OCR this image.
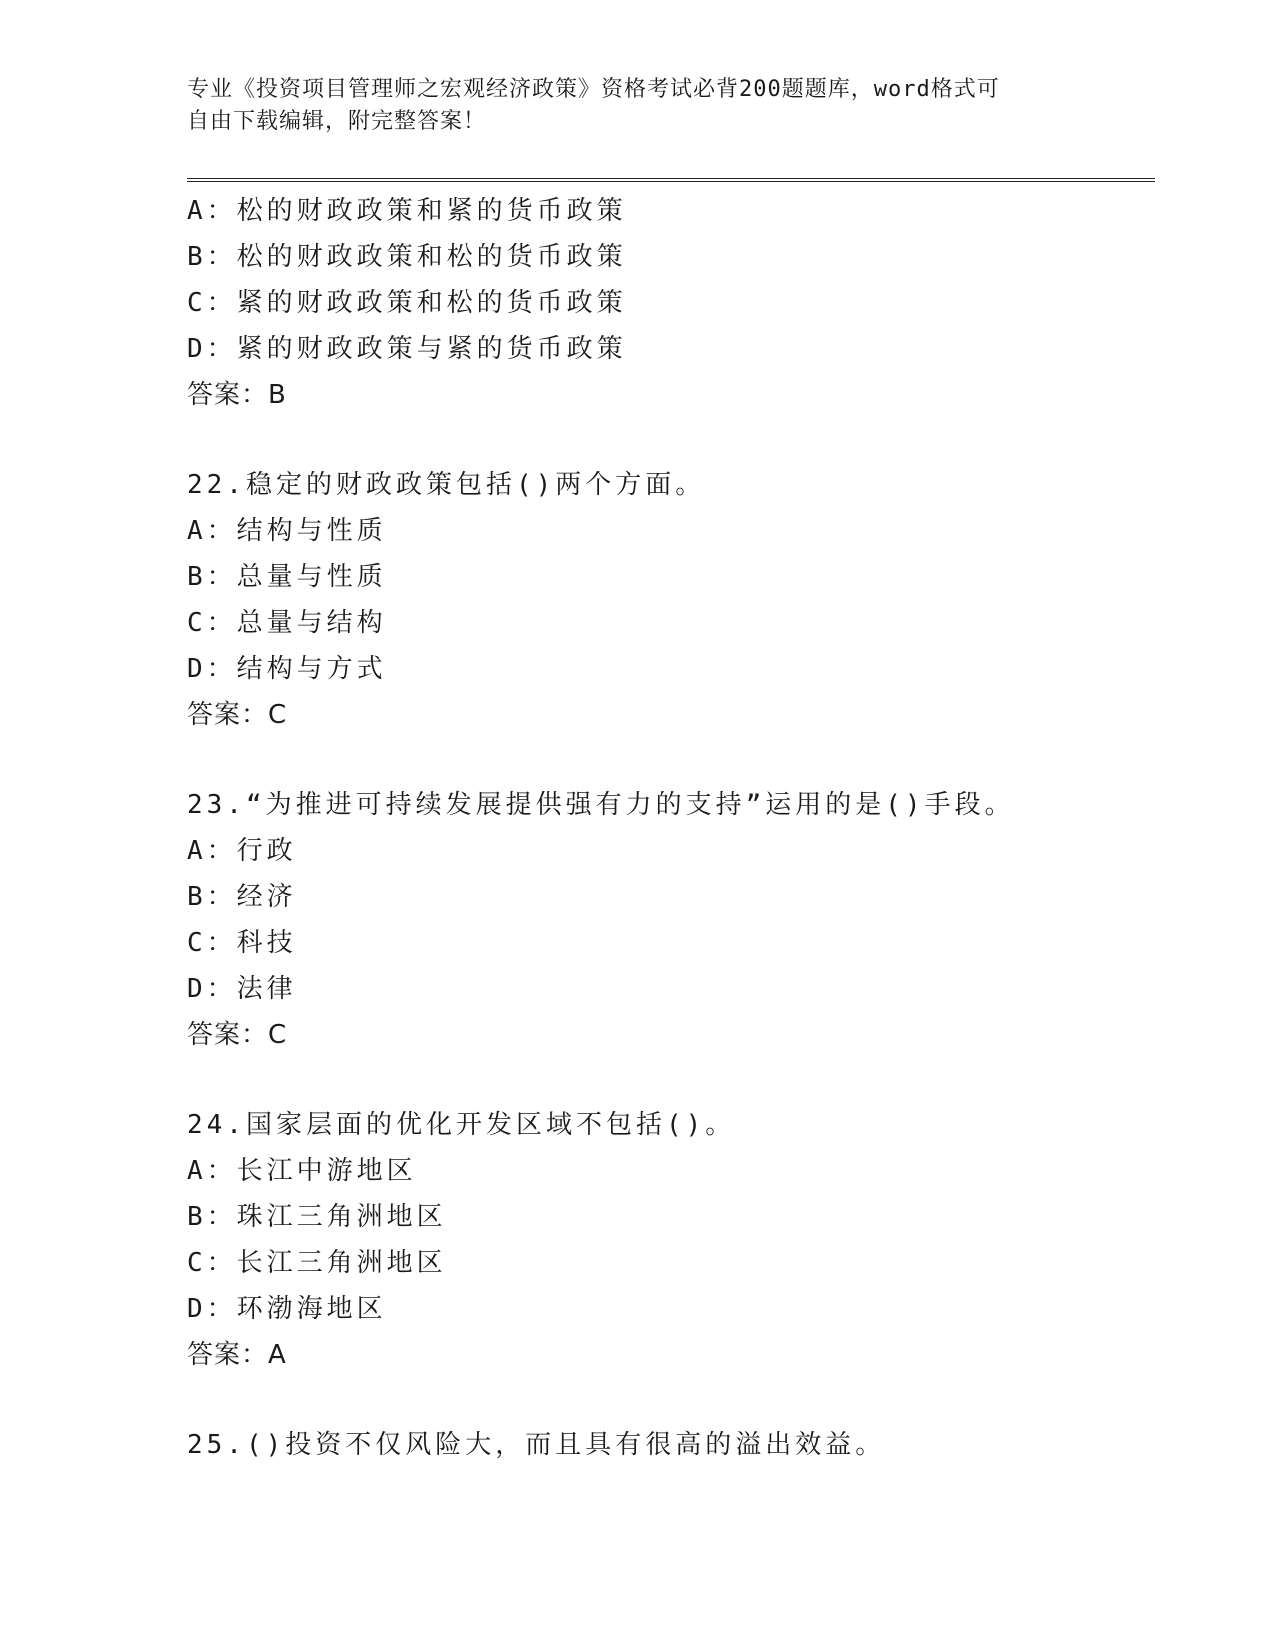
专业《投资项目管理师之宏观经济政策》资格考试必背200题题库，word格式可
自由下载编辑，附完整答案！
A：松的财政政策和紧的货币政策
B：松的财政政策和松的货币政策
C：紧的财政政策和松的货币政策
D：紧的财政政策与紧的货币政策
答案：B
22.稳定的财政政策包括()两个方面。
A：结构与性质
B：总量与性质
C：总量与结构
D：结构与方式
答案：C
23.“为推进可持续发展提供强有力的支持”运用的是()手段。
A：行政
B：经济
C：科技
D：法律
答案：C
24.国家层面的优化开发区域不包括()。
A：长江中游地区
B：珠江三角洲地区
C：长江三角洲地区
D：环渤海地区
答案：A
25.()投资不仅风险大，而且具有很高的溢出效益。
